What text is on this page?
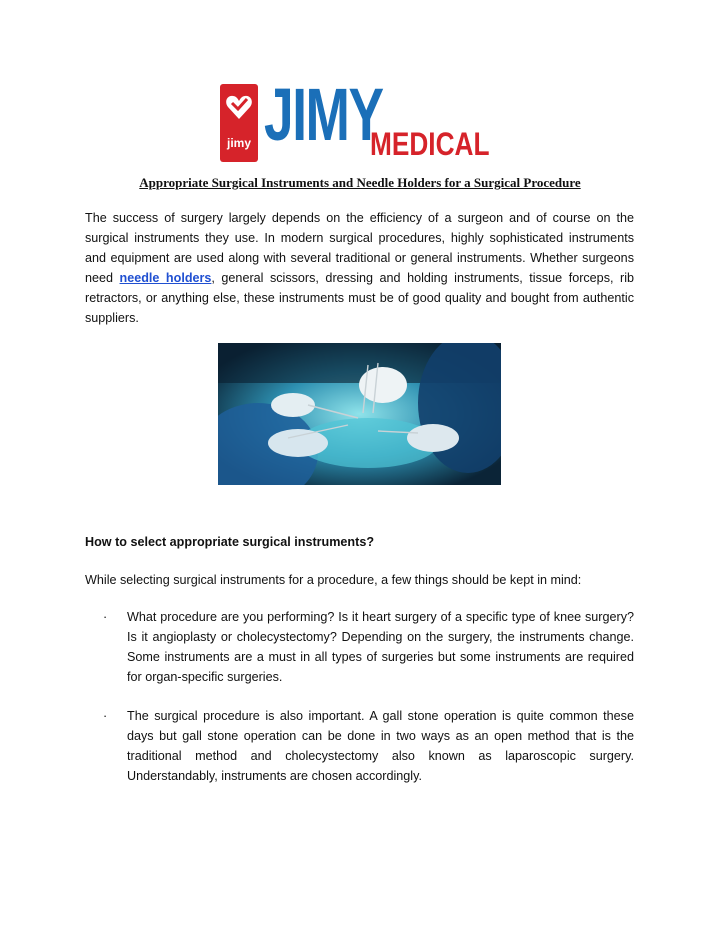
jimy JIMY
MEDICAL
Appropriate Surgical Instruments and Needle Holders for a Surgical Procedure

The success of surgery largely depends on the efficiency of a surgeon and of course on the surgical instruments they use. In modern surgical procedures, highly sophisticated instruments and equipment are used along with several traditional or general instruments. Whether surgeons need needle holders, general scissors, dressing and holding instruments, tissue forceps, rib retractors, or anything else, these instruments must be of good quality and bought from authentic suppliers.

How to select appropriate surgical instruments?

While selecting surgical instruments for a procedure, a few things should be kept in mind:

· What procedure are you performing? Is it heart surgery of a specific type of knee surgery? Is it angioplasty or cholecystectomy? Depending on the surgery, the instruments change. Some instruments are a must in all types of surgeries but some instruments are required for organ-specific surgeries.

· The surgical procedure is also important. A gall stone operation is quite common these days but gall stone operation can be done in two ways as an open method that is the traditional method and cholecystectomy also known as laparoscopic surgery. Understandably, instruments are chosen accordingly.
